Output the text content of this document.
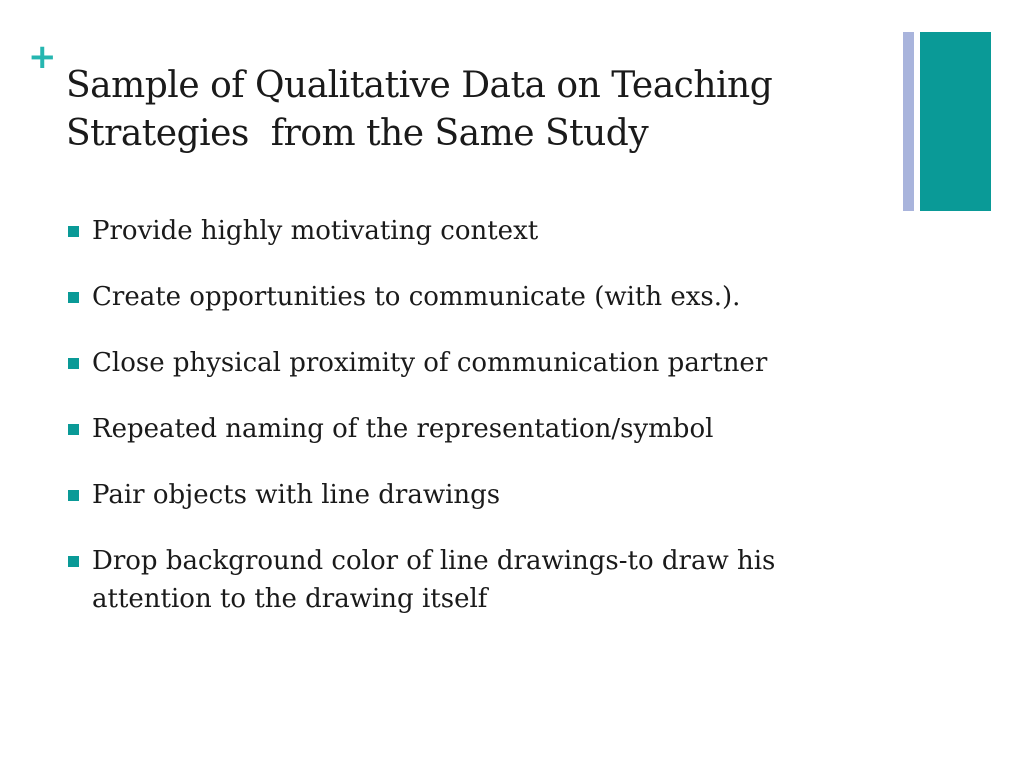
+
Sample of Qualitative Data on Teaching
Strategies  from the Same Study
Provide highly motivating context
Create opportunities to communicate (with exs.).
Close physical proximity of communication partner
Repeated naming of the representation/symbol
Pair objects with line drawings
Drop background color of line drawings-to draw his attention to the drawing itself
